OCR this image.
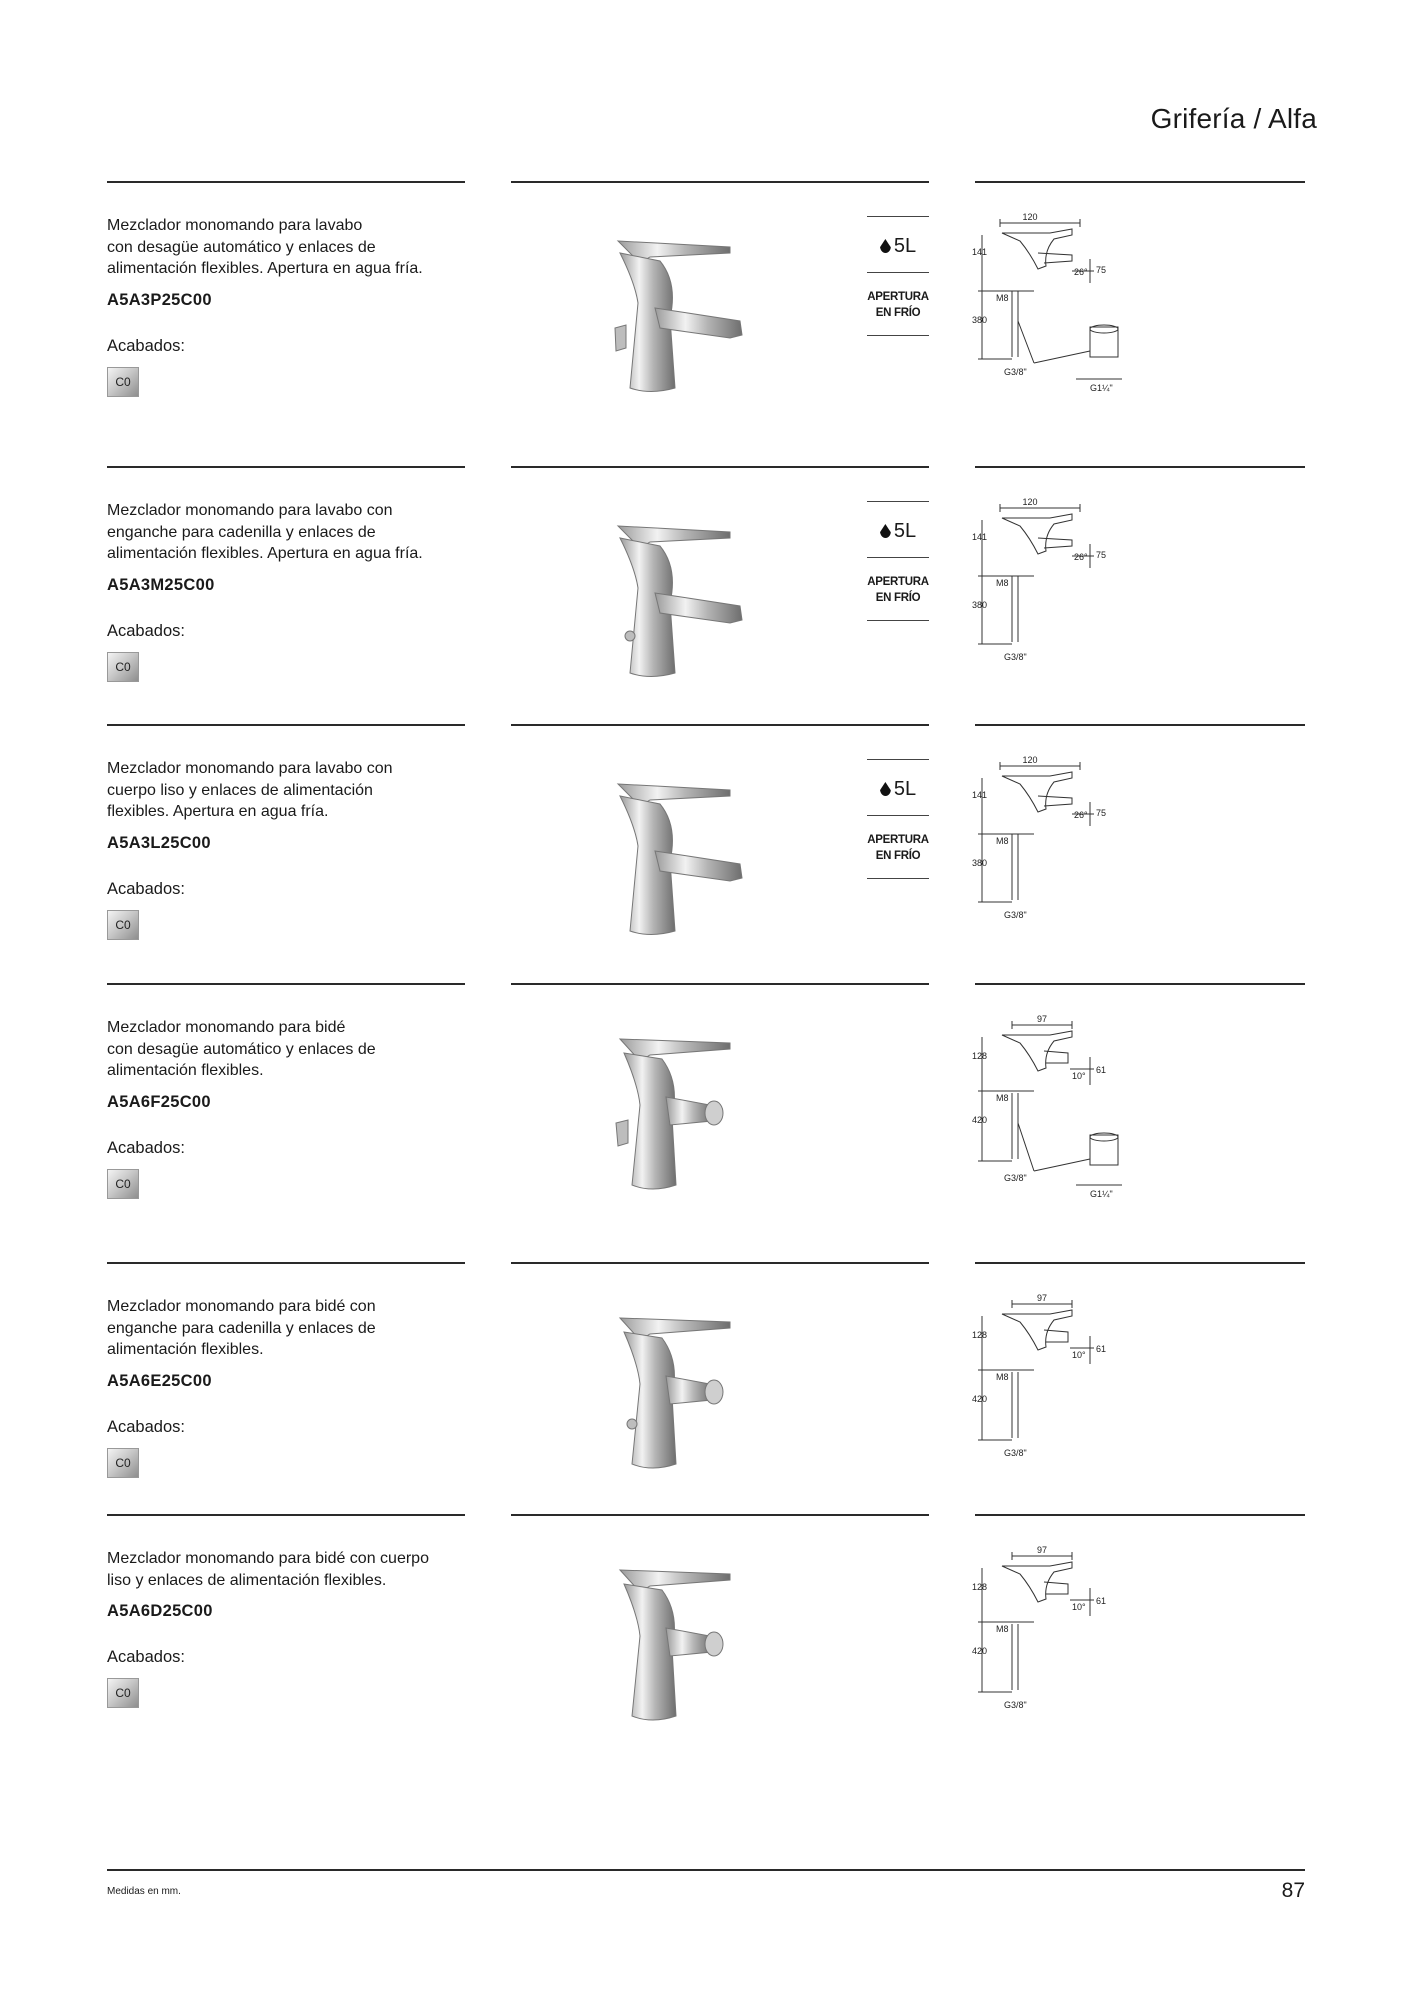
Grifería / Alfa
Mezclador monomando para lavabo
con desagüe automático y enlaces de
alimentación flexibles. Apertura en agua fría.
A5A3P25C00
Acabados:
C0
5L
APERTURA
EN FRÍO
120
141
26° 75
M8
380
G3/8"
G1¼"
Mezclador monomando para lavabo con
enganche para cadenilla y enlaces de
alimentación flexibles. Apertura en agua fría.
A5A3M25C00
Acabados:
C0
5L
APERTURA
EN FRÍO
120
141
26° 75
M8
380
G3/8"
Mezclador monomando para lavabo con
cuerpo liso y enlaces de alimentación
flexibles. Apertura en agua fría.
A5A3L25C00
Acabados:
C0
5L
APERTURA
EN FRÍO
120
141
26° 75
M8
380
G3/8"
Mezclador monomando para bidé
con desagüe automático y enlaces de
alimentación flexibles.
A5A6F25C00
Acabados:
C0
97
128
10°
61
M8
420
G3/8"
G1¼"
Mezclador monomando para bidé con
enganche para cadenilla y enlaces de
alimentación flexibles.
A5A6E25C00
Acabados:
C0
97
128
10°
61
M8
420
G3/8"
Mezclador monomando para bidé con cuerpo
liso y enlaces de alimentación flexibles.
A5A6D25C00
Acabados:
C0
97
128
10°
61
M8
420
G3/8"
Medidas en mm.	87
